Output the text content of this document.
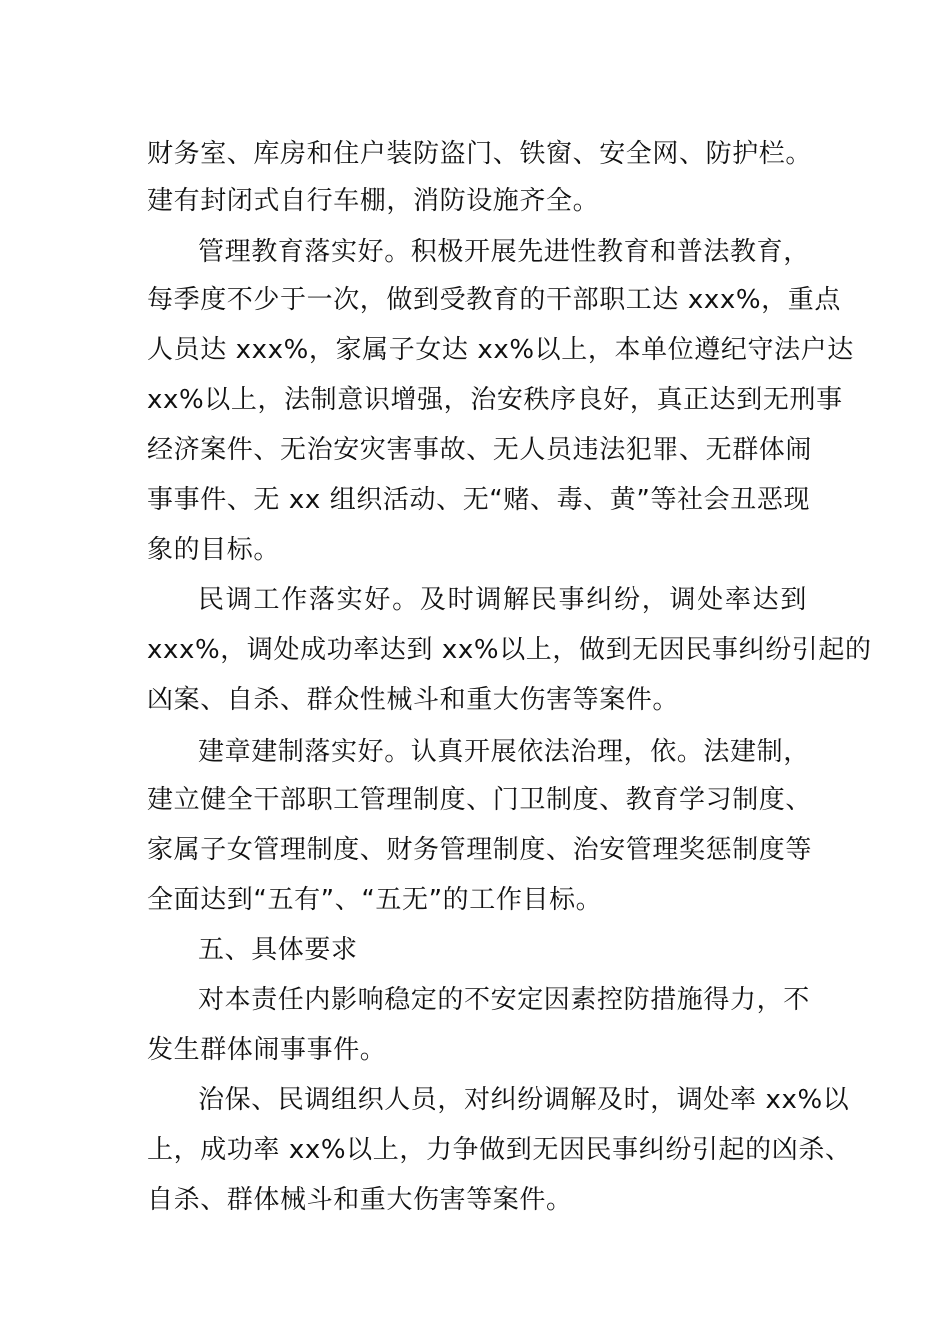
财务室、库房和住户装防盗门、铁窗、安全网、防护栏。
建有封闭式自行车棚，消防设施齐全。
管理教育落实好。积极开展先进性教育和普法教育，
每季度不少于一次，做到受教育的干部职工达 xxx%，重点
人员达 xxx%，家属子女达 xx%以上，本单位遵纪守法户达
xx%以上，法制意识增强，治安秩序良好，真正达到无刑事
经济案件、无治安灾害事故、无人员违法犯罪、无群体闹
事事件、无 xx 组织活动、无“赌、毒、黄”等社会丑恶现
象的目标。
民调工作落实好。及时调解民事纠纷，调处率达到
xxx%，调处成功率达到 xx%以上，做到无因民事纠纷引起的
凶案、自杀、群众性械斗和重大伤害等案件。
建章建制落实好。认真开展依法治理，依。法建制，
建立健全干部职工管理制度、门卫制度、教育学习制度、
家属子女管理制度、财务管理制度、治安管理奖惩制度等
全面达到“五有”、“五无”的工作目标。
五、具体要求
对本责任内影响稳定的不安定因素控防措施得力，不
发生群体闹事事件。
治保、民调组织人员，对纠纷调解及时，调处率 xx%以
上，成功率 xx%以上，力争做到无因民事纠纷引起的凶杀、
自杀、群体械斗和重大伤害等案件。
